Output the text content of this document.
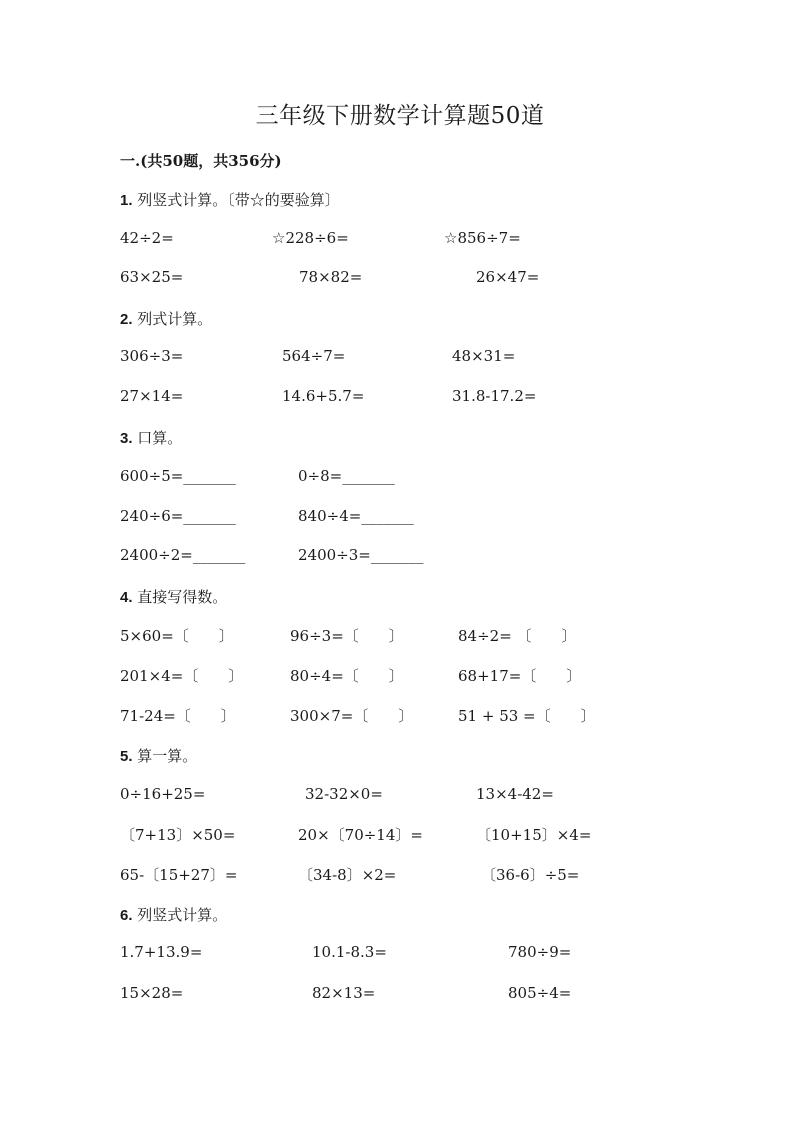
三年级下册数学计算题50道
一.(共50题，共356分)
1. 列竖式计算。〔带☆的要验算〕
42÷2=	☆228÷6=	☆856÷7=
63×25=	78×82=	26×47=
2. 列式计算。
306÷3=	564÷7=	48×31=
27×14=	14.6+5.7=	31.8-17.2=
3. 口算。
600÷5=_______	0÷8=_______
240÷6=_______	840÷4=_______
2400÷2=_______	2400÷3=_______
4. 直接写得数。
5×60=〔　　〕	96÷3=〔　　〕	84÷2= 〔　　〕
201×4=〔　　〕	80÷4=〔　　〕	68+17=〔　　〕
71-24=〔　　〕	300×7=〔　　〕	51 + 53 =〔　　〕
5. 算一算。
0÷16+25=	32-32×0=	13×4-42=
〔7+13〕×50=	20×〔70÷14〕=	〔10+15〕×4=
65-〔15+27〕=	〔34-8〕×2=	〔36-6〕÷5=
6. 列竖式计算。
1.7+13.9=	10.1-8.3=	780÷9=
15×28=	82×13=	805÷4=
